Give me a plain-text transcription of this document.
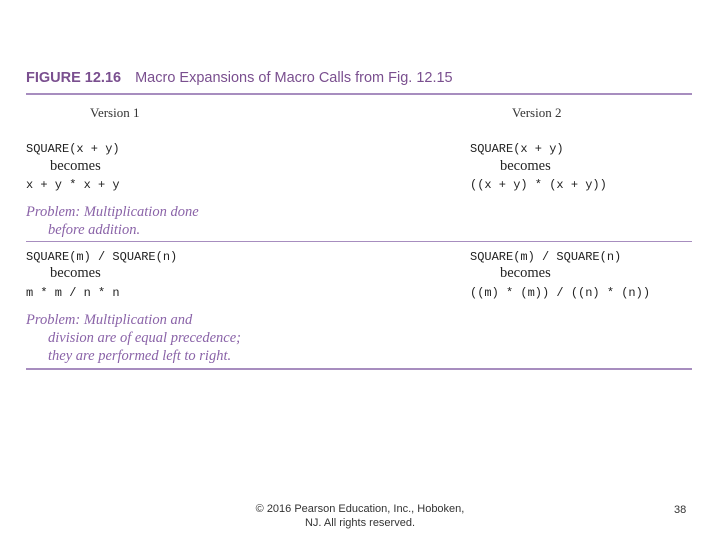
FIGURE 12.16 Macro Expansions of Macro Calls from Fig. 12.15
Version 1	Version 2
SQUARE(x + y)
becomes
x + y * x + y
SQUARE(x + y)
becomes
((x + y) * (x + y))
Problem: Multiplication done
before addition.
SQUARE(m) / SQUARE(n)
becomes
m * m / n * n
SQUARE(m) / SQUARE(n)
becomes
((m) * (m)) / ((n) * (n))
Problem: Multiplication and
division are of equal precedence;
they are performed left to right.
© 2016 Pearson Education, Inc., Hoboken,
NJ. All rights reserved.
38
